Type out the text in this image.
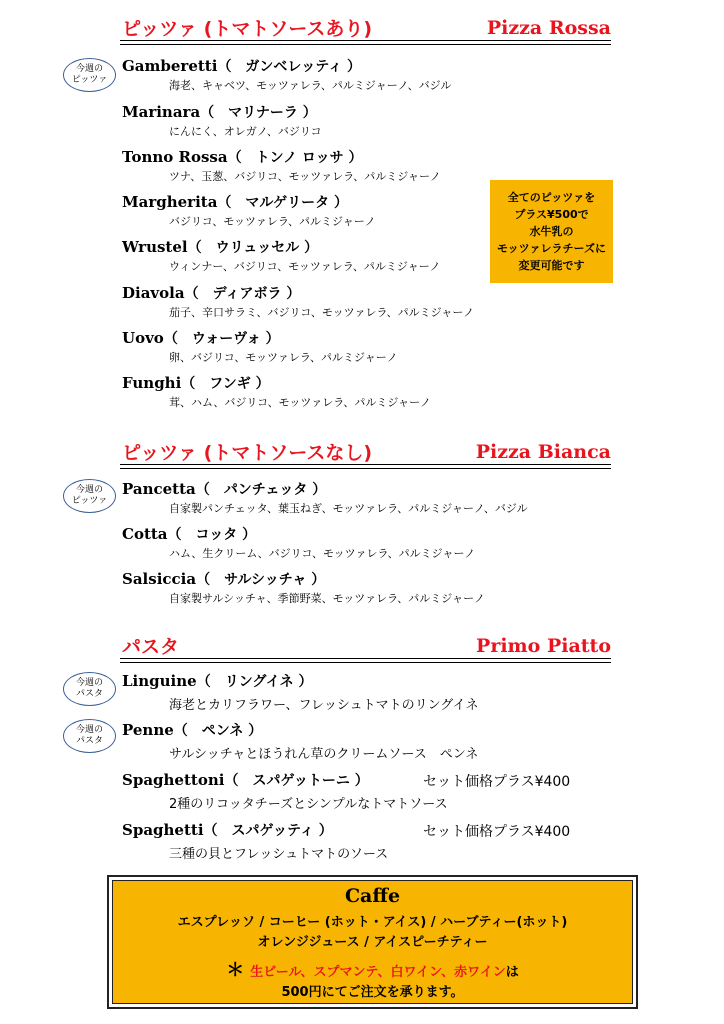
ピッツァ (トマトソースあり)	Pizza Rossa
今週の
ピッツァ
Gamberetti（　ガンベレッティ ）
海老、キャベツ、モッツァレラ、パルミジャーノ、バジル
Marinara（　マリナーラ ）
にんにく、オレガノ、バジリコ
Tonno Rossa（　トンノ ロッサ ）
ツナ、玉葱、バジリコ、モッツァレラ、パルミジャーノ
Margherita（　マルゲリータ ）
バジリコ、モッツァレラ、パルミジャーノ
Wrustel（　ウリュッセル ）
ウィンナー、バジリコ、モッツァレラ、パルミジャーノ
Diavola（　ディアボラ ）
茄子、辛口サラミ、バジリコ、モッツァレラ、パルミジャーノ
Uovo（　ウォーヴォ ）
卵、バジリコ、モッツァレラ、パルミジャーノ
Funghi（　フンギ ）
茸、ハム、バジリコ、モッツァレラ、パルミジャーノ
全てのピッツァを
プラス¥500で
水牛乳の
モッツァレラチーズに
変更可能です
ピッツァ (トマトソースなし)	Pizza Bianca
今週の
ピッツァ
Pancetta（　パンチェッタ ）
自家製パンチェッタ、葉玉ねぎ、モッツァレラ、パルミジャーノ、バジル
Cotta（　コッタ ）
ハム、生クリーム、バジリコ、モッツァレラ、パルミジャーノ
Salsiccia（　サルシッチャ ）
自家製サルシッチャ、季節野菜、モッツァレラ、パルミジャーノ
パスタ	Primo Piatto
今週の
パスタ
今週の
パスタ
Linguine（　リングイネ ）
海老とカリフラワー、フレッシュトマトのリングイネ
Penne（　ペンネ ）
サルシッチャとほうれん草のクリームソース　ペンネ
Spaghettoni（　スパゲットーニ ）	セット価格プラス¥400
2種のリコッタチーズとシンプルなトマトソース
Spaghetti（　スパゲッティ ）	セット価格プラス¥400
三種の貝とフレッシュトマトのソース
Caffe
エスプレッソ / コーヒー (ホット・アイス) / ハーブティー(ホット)
オレンジジュース / アイスピーチティー
＊ 生ビール、スプマンテ、白ワイン、赤ワインは
500円にてご注文を承ります。
